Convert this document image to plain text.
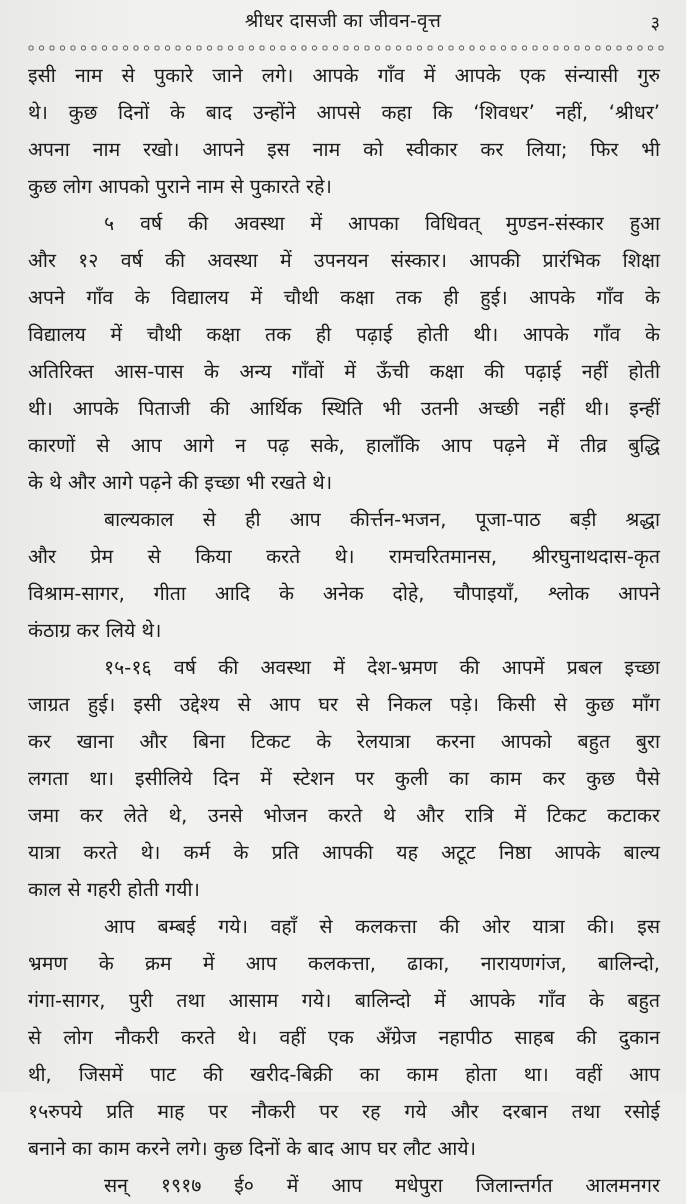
श्रीधर दासजी का जीवन-वृत्त	३
इसी नाम से पुकारे जाने लगे। आपके गाँव में आपके एक संन्यासी गुरु
थे। कुछ दिनों के बाद उन्होंने आपसे कहा कि ‘शिवधर’ नहीं, ‘श्रीधर’
अपना नाम रखो। आपने इस नाम को स्वीकार कर लिया; फिर भी
कुछ लोग आपको पुराने नाम से पुकारते रहे।
५ वर्ष की अवस्था में आपका विधिवत् मुण्डन-संस्कार हुआ
और १२ वर्ष की अवस्था में उपनयन संस्कार। आपकी प्रारंभिक शिक्षा
अपने गाँव के विद्यालय में चौथी कक्षा तक ही हुई। आपके गाँव के
विद्यालय में चौथी कक्षा तक ही पढ़ाई होती थी। आपके गाँव के
अतिरिक्त आस-पास के अन्य गाँवों में ऊँची कक्षा की पढ़ाई नहीं होती
थी। आपके पिताजी की आर्थिक स्थिति भी उतनी अच्छी नहीं थी। इन्हीं
कारणों से आप आगे न पढ़ सके, हालाँकि आप पढ़ने में तीव्र बुद्धि
के थे और आगे पढ़ने की इच्छा भी रखते थे।
बाल्यकाल से ही आप कीर्त्तन-भजन, पूजा-पाठ बड़ी श्रद्धा
और प्रेम से किया करते थे। रामचरितमानस, श्रीरघुनाथदास-कृत
विश्राम-सागर, गीता आदि के अनेक दोहे, चौपाइयाँ, श्लोक आपने
कंठाग्र कर लिये थे।
१५-१६ वर्ष की अवस्था में देश-भ्रमण की आपमें प्रबल इच्छा
जाग्रत हुई। इसी उद्देश्य से आप घर से निकल पड़े। किसी से कुछ माँग
कर खाना और बिना टिकट के रेलयात्रा करना आपको बहुत बुरा
लगता था। इसीलिये दिन में स्टेशन पर कुली का काम कर कुछ पैसे
जमा कर लेते थे, उनसे भोजन करते थे और रात्रि में टिकट कटाकर
यात्रा करते थे। कर्म के प्रति आपकी यह अटूट निष्ठा आपके बाल्य
काल से गहरी होती गयी।
आप बम्बई गये। वहाँ से कलकत्ता की ओर यात्रा की। इस
भ्रमण के क्रम में आप कलकत्ता, ढाका, नारायणगंज, बालिन्दो,
गंगा-सागर, पुरी तथा आसाम गये। बालिन्दो में आपके गाँव के बहुत
से लोग नौकरी करते थे। वहीं एक अँग्रेज नहापीठ साहब की दुकान
थी, जिसमें पाट की खरीद-बिक्री का काम होता था। वहीं आप
१५रुपये प्रति माह पर नौकरी पर रह गये और दरबान तथा रसोई
बनाने का काम करने लगे। कुछ दिनों के बाद आप घर लौट आये।
सन् १९१७ ई० में आप मधेपुरा जिलान्तर्गत आलमनगर
